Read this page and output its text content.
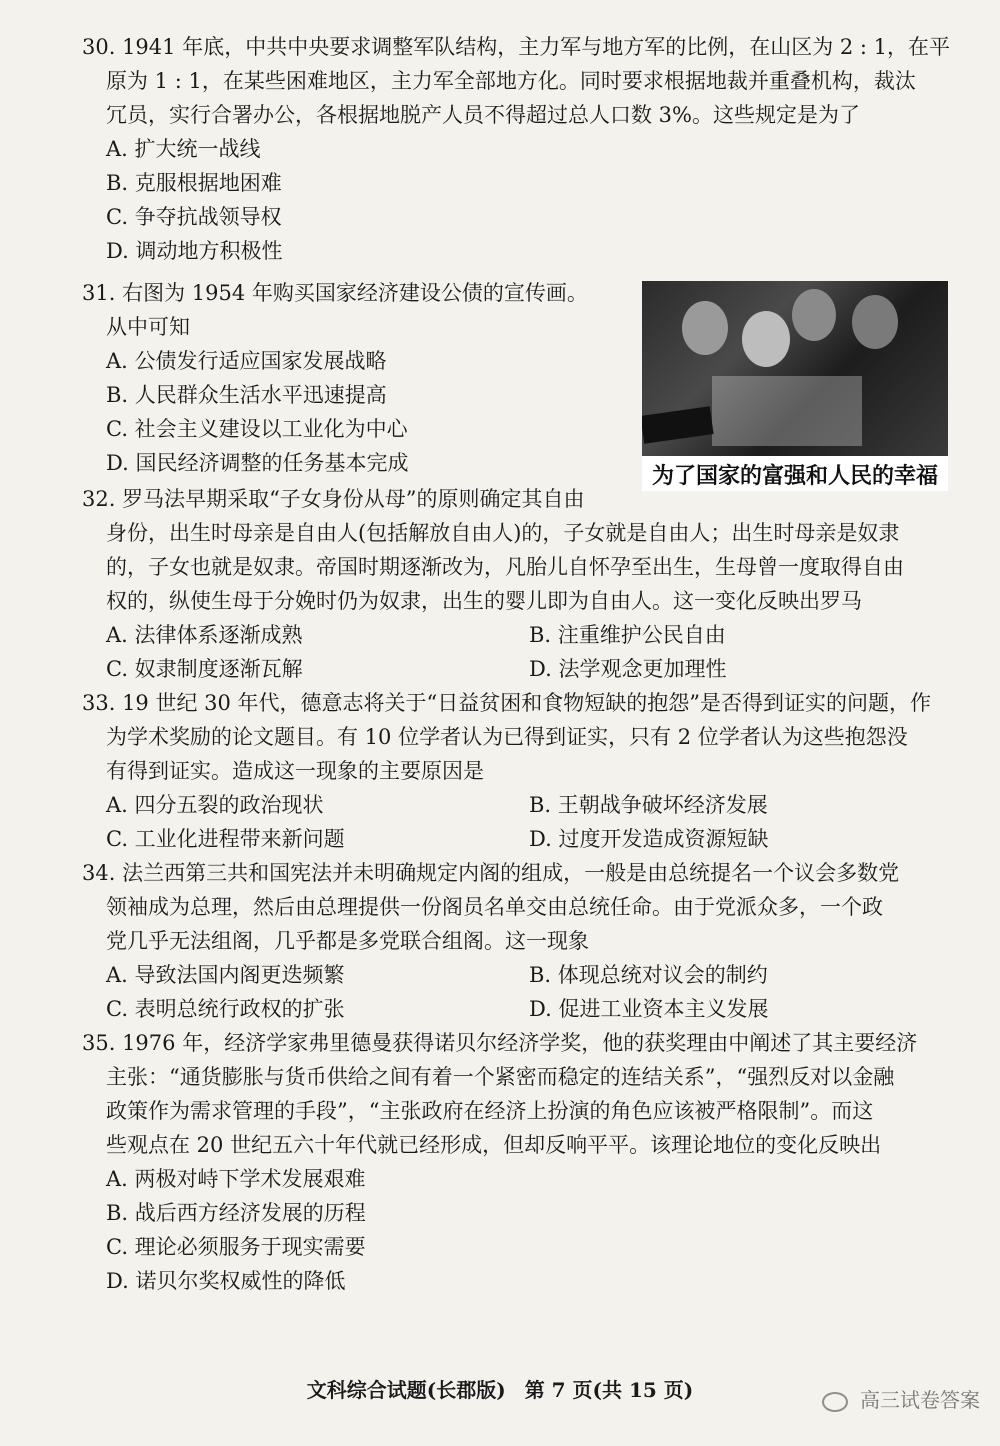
30. 1941 年底，中共中央要求调整军队结构，主力军与地方军的比例，在山区为 2 : 1，在平
原为 1 : 1，在某些困难地区，主力军全部地方化。同时要求根据地裁并重叠机构，裁汰
冗员，实行合署办公，各根据地脱产人员不得超过总人口数 3%。这些规定是为了
A. 扩大统一战线
B. 克服根据地困难
C. 争夺抗战领导权
D. 调动地方积极性
31. 右图为 1954 年购买国家经济建设公债的宣传画。
从中可知
A. 公债发行适应国家发展战略
B. 人民群众生活水平迅速提高
C. 社会主义建设以工业化为中心
D. 国民经济调整的任务基本完成
为了国家的富强和人民的幸福
32. 罗马法早期采取“子女身份从母”的原则确定其自由
身份，出生时母亲是自由人(包括解放自由人)的，子女就是自由人；出生时母亲是奴隶
的，子女也就是奴隶。帝国时期逐渐改为，凡胎儿自怀孕至出生，生母曾一度取得自由
权的，纵使生母于分娩时仍为奴隶，出生的婴儿即为自由人。这一变化反映出罗马
A. 法律体系逐渐成熟	B. 注重维护公民自由
C. 奴隶制度逐渐瓦解	D. 法学观念更加理性
33. 19 世纪 30 年代，德意志将关于“日益贫困和食物短缺的抱怨”是否得到证实的问题，作
为学术奖励的论文题目。有 10 位学者认为已得到证实，只有 2 位学者认为这些抱怨没
有得到证实。造成这一现象的主要原因是
A. 四分五裂的政治现状	B. 王朝战争破坏经济发展
C. 工业化进程带来新问题	D. 过度开发造成资源短缺
34. 法兰西第三共和国宪法并未明确规定内阁的组成，一般是由总统提名一个议会多数党
领袖成为总理，然后由总理提供一份阁员名单交由总统任命。由于党派众多，一个政
党几乎无法组阁，几乎都是多党联合组阁。这一现象
A. 导致法国内阁更迭频繁	B. 体现总统对议会的制约
C. 表明总统行政权的扩张	D. 促进工业资本主义发展
35. 1976 年，经济学家弗里德曼获得诺贝尔经济学奖，他的获奖理由中阐述了其主要经济
主张：“通货膨胀与货币供给之间有着一个紧密而稳定的连结关系”，“强烈反对以金融
政策作为需求管理的手段”，“主张政府在经济上扮演的角色应该被严格限制”。而这
些观点在 20 世纪五六十年代就已经形成，但却反响平平。该理论地位的变化反映出
A. 两极对峙下学术发展艰难
B. 战后西方经济发展的历程
C. 理论必须服务于现实需要
D. 诺贝尔奖权威性的降低
文科综合试题(长郡版) 第 7 页(共 15 页)	高三试卷答案
